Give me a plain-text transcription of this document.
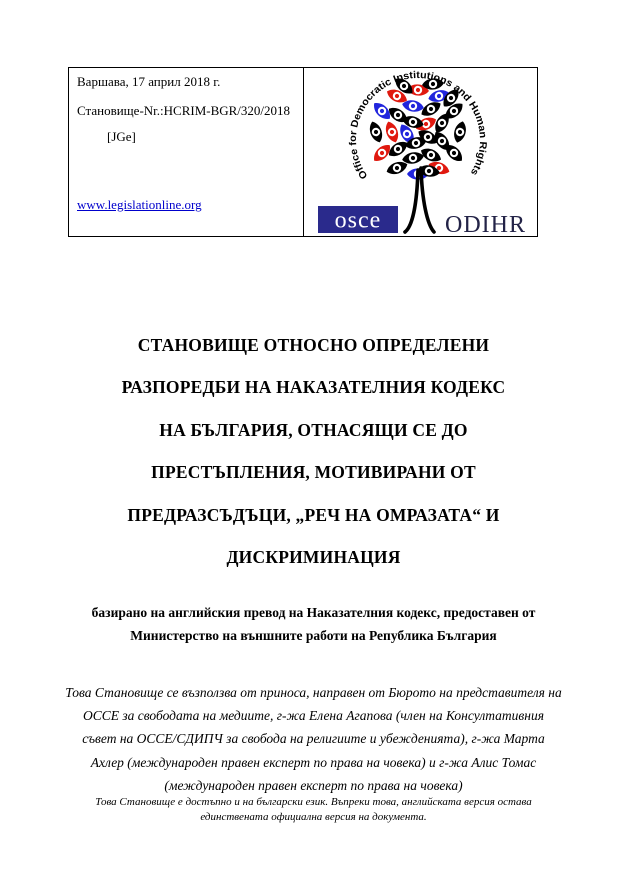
Варшава, 17 април 2018 г.
Становище-Nr.:HCRIM-BGR/320/2018
[JGe]
www.legislationline.org
Office for Democratic Institutions and Human Rights
osce	ODIHR
СТАНОВИЩЕ ОТНОСНО ОПРЕДЕЛЕНИ
РАЗПОРЕДБИ НА НАКАЗАТЕЛНИЯ КОДЕКС
НА БЪЛГАРИЯ, ОТНАСЯЩИ СЕ ДО
ПРЕСТЪПЛЕНИЯ, МОТИВИРАНИ ОТ
ПРЕДРАЗСЪДЪЦИ, „РЕЧ НА ОМРАЗАТА“ И
ДИСКРИМИНАЦИЯ
базирано на английския превод на Наказателния кодекс, предоставен от
Министерство на външните работи на Република България
Това Становище се възползва от приноса, направен от Бюрото на представителя на
ОССЕ за свободата на медиите, г-жа Елена Агапова (член на Консултативния
съвет на ОССЕ/СДИПЧ за свобода на религиите и убежденията), г-жа Марта
Ахлер (международен правен експерт по права на човека) и г-жа Алис Томас
(международен правен експерт по права на човека)
Това Становище е достъпно и на български език. Въпреки това, английската версия остава
единствената официална версия на документа.
